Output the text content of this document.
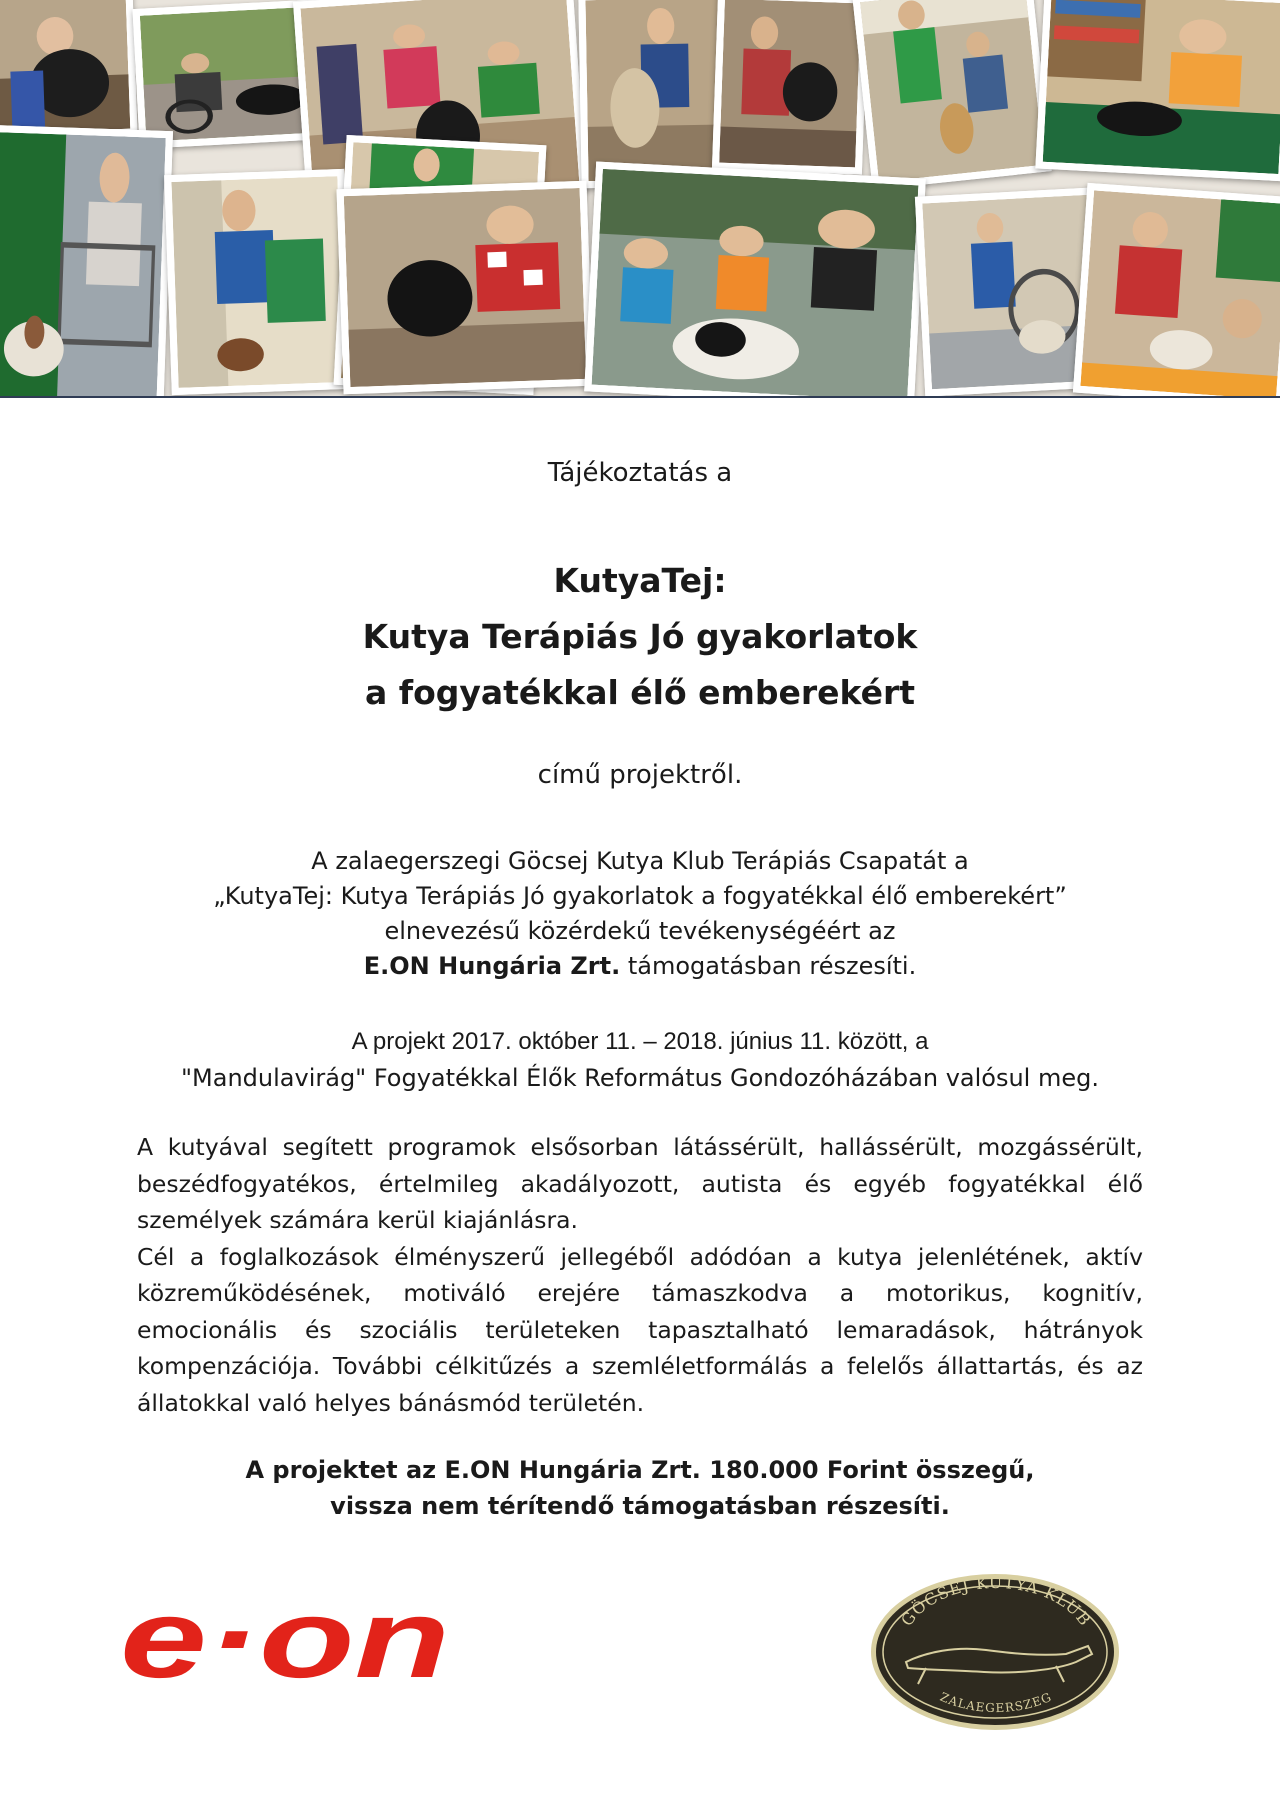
Tájékoztatás a
KutyaTej:
Kutya Terápiás Jó gyakorlatok
a fogyatékkal élő emberekért
című projektről.
A zalaegerszegi Göcsej Kutya Klub Terápiás Csapatát a
„KutyaTej: Kutya Terápiás Jó gyakorlatok a fogyatékkal élő emberekért”
elnevezésű közérdekű tevékenységéért az
E.ON Hungária Zrt. támogatásban részesíti.
A projekt 2017. október 11. – 2018. június 11. között, a
"Mandulavirág" Fogyatékkal Élők Református Gondozóházában valósul meg.

A kutyával segített programok elsősorban látássérült, hallássérült, mozgássérült, beszédfogyatékos, értelmileg akadályozott, autista és egyéb fogyatékkal élő személyek számára kerül kiajánlásra.

Cél a foglalkozások élményszerű jellegéből adódóan a kutya jelenlétének, aktív közreműködésének, motiváló erejére támaszkodva a motorikus, kognitív, emocionális és szociális területeken tapasztalható lemaradások, hátrányok kompenzációja. További célkitűzés a szemléletformálás a felelős állattartás, és az állatokkal való helyes bánásmód területén.

A projektet az E.ON Hungária Zrt. 180.000 Forint összegű,
vissza nem térítendő támogatásban részesíti.
e·on	GÖCSEJ KUTYA KLUB
ZALAEGERSZEG
